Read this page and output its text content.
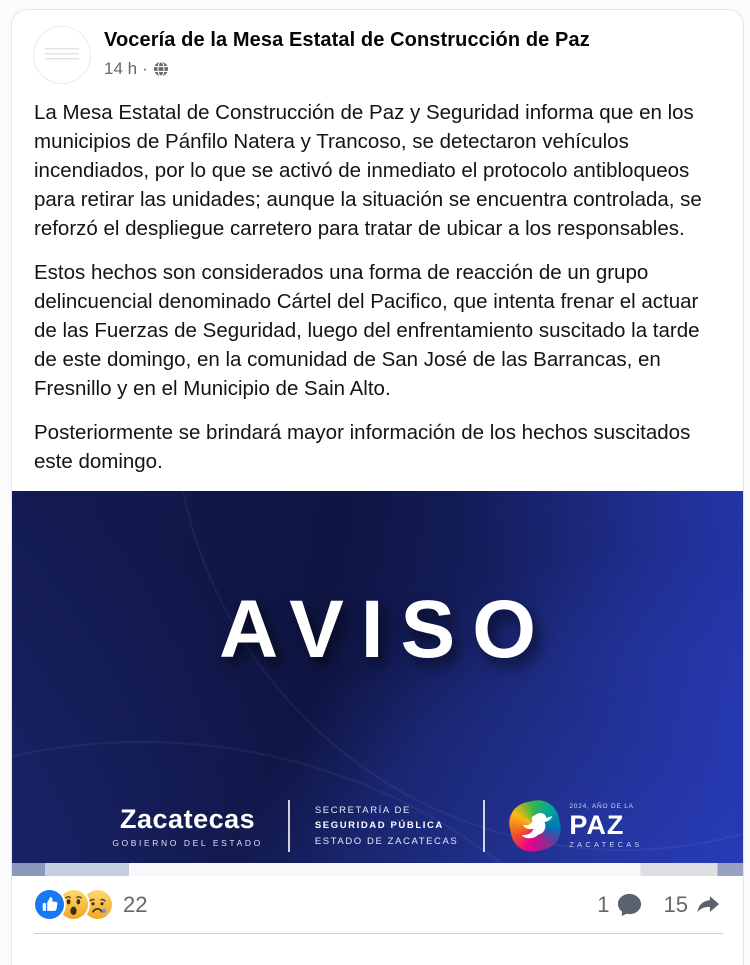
Vocería de la Mesa Estatal de Construcción de Paz
14 h ·

La Mesa Estatal de Construcción de Paz y Seguridad informa que en los municipios de Pánfilo Natera y Trancoso, se detectaron vehículos incendiados, por lo que se activó de inmediato el protocolo antibloqueos para retirar las unidades; aunque la situación se encuentra controlada, se reforzó el despliegue carretero para tratar de ubicar a los responsables.

Estos hechos son considerados una forma de reacción de un grupo delincuencial denominado Cártel del Pacifico, que intenta frenar el actuar de las Fuerzas de Seguridad, luego del enfrentamiento suscitado la tarde de este domingo, en la comunidad de San José de las Barrancas, en Fresnillo y en el Municipio de Sain Alto.

Posteriormente se brindará mayor información de los hechos suscitados este domingo.

AVISO
Zacatecas
GOBIERNO DEL ESTADO
SECRETARÍA DE
SEGURIDAD PÚBLICA
ESTADO DE ZACATECAS
2024, AÑO DE LA
PAZ
ZACATECAS
22	1 15
